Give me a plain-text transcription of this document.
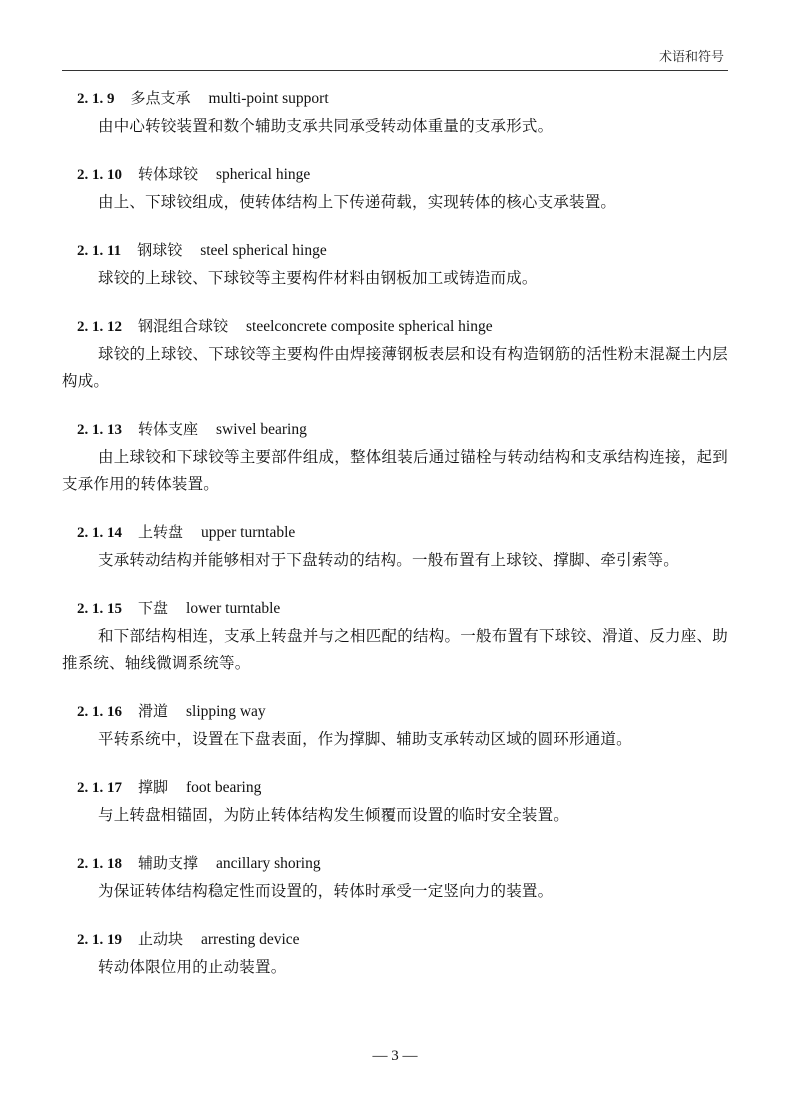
术语和符号
2. 1. 9 多点支承 multi-point support
由中心转铰装置和数个辅助支承共同承受转动体重量的支承形式。
2. 1. 10 转体球铰 spherical hinge
由上、下球铰组成，使转体结构上下传递荷载，实现转体的核心支承装置。
2. 1. 11 钢球铰 steel spherical hinge
球铰的上球铰、下球铰等主要构件材料由钢板加工或铸造而成。
2. 1. 12 钢混组合球铰 steelconcrete composite spherical hinge
球铰的上球铰、下球铰等主要构件由焊接薄钢板表层和设有构造钢筋的活性粉末混凝土内层构成。
2. 1. 13 转体支座 swivel bearing
由上球铰和下球铰等主要部件组成，整体组装后通过锚栓与转动结构和支承结构连接，起到支承作用的转体装置。
2. 1. 14 上转盘 upper turntable
支承转动结构并能够相对于下盘转动的结构。一般布置有上球铰、撑脚、牵引索等。
2. 1. 15 下盘 lower turntable
和下部结构相连，支承上转盘并与之相匹配的结构。一般布置有下球铰、滑道、反力座、助推系统、轴线微调系统等。
2. 1. 16 滑道 slipping way
平转系统中，设置在下盘表面，作为撑脚、辅助支承转动区域的圆环形通道。
2. 1. 17 撑脚 foot bearing
与上转盘相锚固，为防止转体结构发生倾覆而设置的临时安全装置。
2. 1. 18 辅助支撑 ancillary shoring
为保证转体结构稳定性而设置的，转体时承受一定竖向力的装置。
2. 1. 19 止动块 arresting device
转动体限位用的止动装置。
— 3 —
